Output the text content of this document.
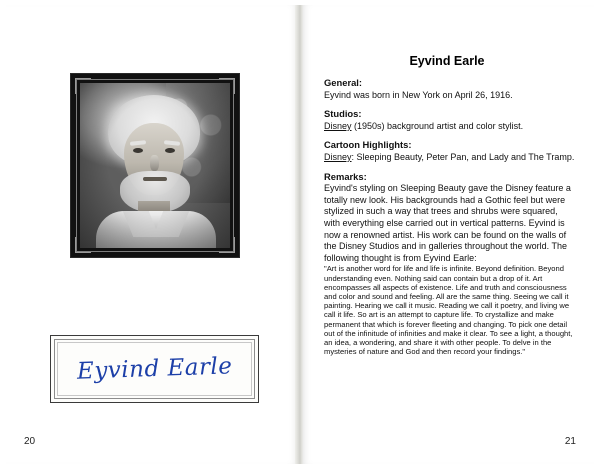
Eyvind Earle
20
Eyvind Earle
General:
Eyvind was born in New York on April 26, 1916.
Studios:
Disney (1950s) background artist and color stylist.
Cartoon Highlights:
Disney: Sleeping Beauty, Peter Pan, and Lady and The Tramp.
Remarks:
Eyvind's styling on Sleeping Beauty gave the Disney feature a totally new look. His backgrounds had a Gothic feel but were stylized in such a way that trees and shrubs were squared, with everything else carried out in vertical patterns. Eyvind is now a renowned artist. His work can be found on the walls of the Disney Studios and in galleries throughout the world. The following thought is from Eyvind Earle:
"Art is another word for life and life is infinite. Beyond definition. Beyond understanding even. Nothing said can contain but a drop of it. Art encompasses all aspects of existence. Life and truth and consciousness and color and sound and feeling. All are the same thing. Seeing we call it painting. Hearing we call it music. Reading we call it poetry, and living we call it life. So art is an attempt to capture life. To crystallize and make permanent that which is forever fleeting and changing. To pick one detail out of the infinitude of infinities and make it clear. To see a light, a thought, an idea, a wondering, and share it with other people. To delve in the mysteries of nature and God and then record your findings."
21
